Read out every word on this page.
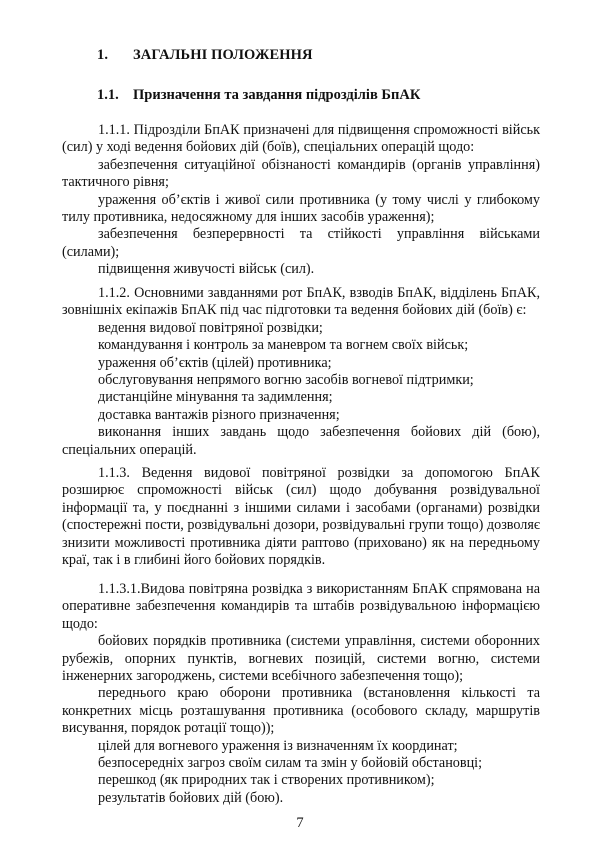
1. ЗАГАЛЬНІ ПОЛОЖЕННЯ
1.1. Призначення та завдання підрозділів БпАК

1.1.1. Підрозділи БпАК призначені для підвищення спроможності військ (сил) у ході ведення бойових дій (боїв), спеціальних операцій щодо:

забезпечення ситуаційної обізнаності командирів (органів управління) тактичного рівня;

ураження об’єктів і живої сили противника (у тому числі у глибокому тилу противника, недосяжному для інших засобів ураження);

забезпечення безперервності та стійкості управління військами (силами);

підвищення живучості військ (сил).

1.1.2. Основними завданнями рот БпАК, взводів БпАК, відділень БпАК, зовнішніх екіпажів БпАК під час підготовки та ведення бойових дій (боїв) є:

ведення видової повітряної розвідки;

командування і контроль за маневром та вогнем своїх військ;

ураження об’єктів (цілей) противника;

обслуговування непрямого вогню засобів вогневої підтримки;

дистанційне мінування та задимлення;

доставка вантажів різного призначення;

виконання інших завдань щодо забезпечення бойових дій (бою), спеціальних операцій.

1.1.3. Ведення видової повітряної розвідки за допомогою БпАК розширює спроможності військ (сил) щодо добування розвідувальної інформації та, у поєднанні з іншими силами і засобами (органами) розвідки (спостережні пости, розвідувальні дозори, розвідувальні групи тощо) дозволяє знизити можливості противника діяти раптово (приховано) як на передньому краї, так і в глибині його бойових порядків.

1.1.3.1.Видова повітряна розвідка з використанням БпАК спрямована на оперативне забезпечення командирів та штабів розвідувальною інформацією щодо:

бойових порядків противника (системи управління, системи оборонних рубежів, опорних пунктів, вогневих позицій, системи вогню, системи інженерних загороджень, системи всебічного забезпечення тощо);

переднього краю оборони противника (встановлення кількості та конкретних місць розташування противника (особового складу, маршрутів висування, порядок ротації тощо));

цілей для вогневого ураження із визначенням їх координат;

безпосередніх загроз своїм силам та змін у бойовій обстановці;

перешкод (як природних так і створених противником);

результатів бойових дій (бою).

7
